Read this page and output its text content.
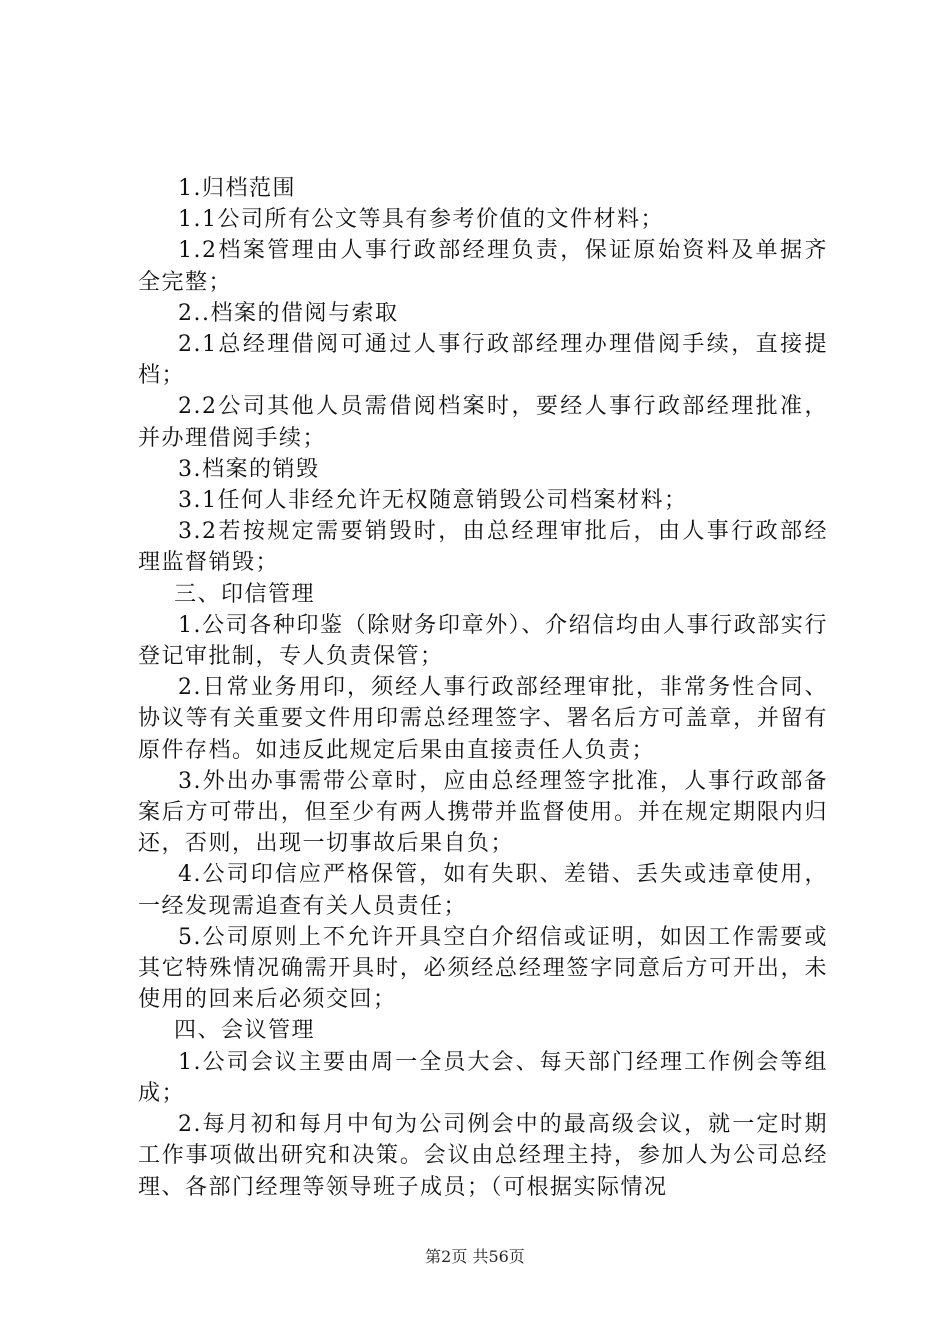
1.归档范围

1.1公司所有公文等具有参考价值的文件材料；

1.2档案管理由人事行政部经理负责，保证原始资料及单据齐全完整；

2..档案的借阅与索取

2.1总经理借阅可通过人事行政部经理办理借阅手续，直接提档；

2.2公司其他人员需借阅档案时，要经人事行政部经理批准，并办理借阅手续；

3.档案的销毁

3.1任何人非经允许无权随意销毁公司档案材料；

3.2若按规定需要销毁时，由总经理审批后，由人事行政部经理监督销毁；

三、印信管理

1.公司各种印鉴（除财务印章外）、介绍信均由人事行政部实行登记审批制，专人负责保管；

2.日常业务用印，须经人事行政部经理审批，非常务性合同、协议等有关重要文件用印需总经理签字、署名后方可盖章，并留有原件存档。如违反此规定后果由直接责任人负责；

3.外出办事需带公章时，应由总经理签字批准，人事行政部备案后方可带出，但至少有两人携带并监督使用。并在规定期限内归还，否则，出现一切事故后果自负；

4.公司印信应严格保管，如有失职、差错、丢失或违章使用，一经发现需追查有关人员责任；

5.公司原则上不允许开具空白介绍信或证明，如因工作需要或其它特殊情况确需开具时，必须经总经理签字同意后方可开出，未使用的回来后必须交回；

四、会议管理

1.公司会议主要由周一全员大会、每天部门经理工作例会等组成；

2.每月初和每月中旬为公司例会中的最高级会议，就一定时期工作事项做出研究和决策。会议由总经理主持，参加人为公司总经理、各部门经理等领导班子成员；（可根据实际情况

第2页 共56页
